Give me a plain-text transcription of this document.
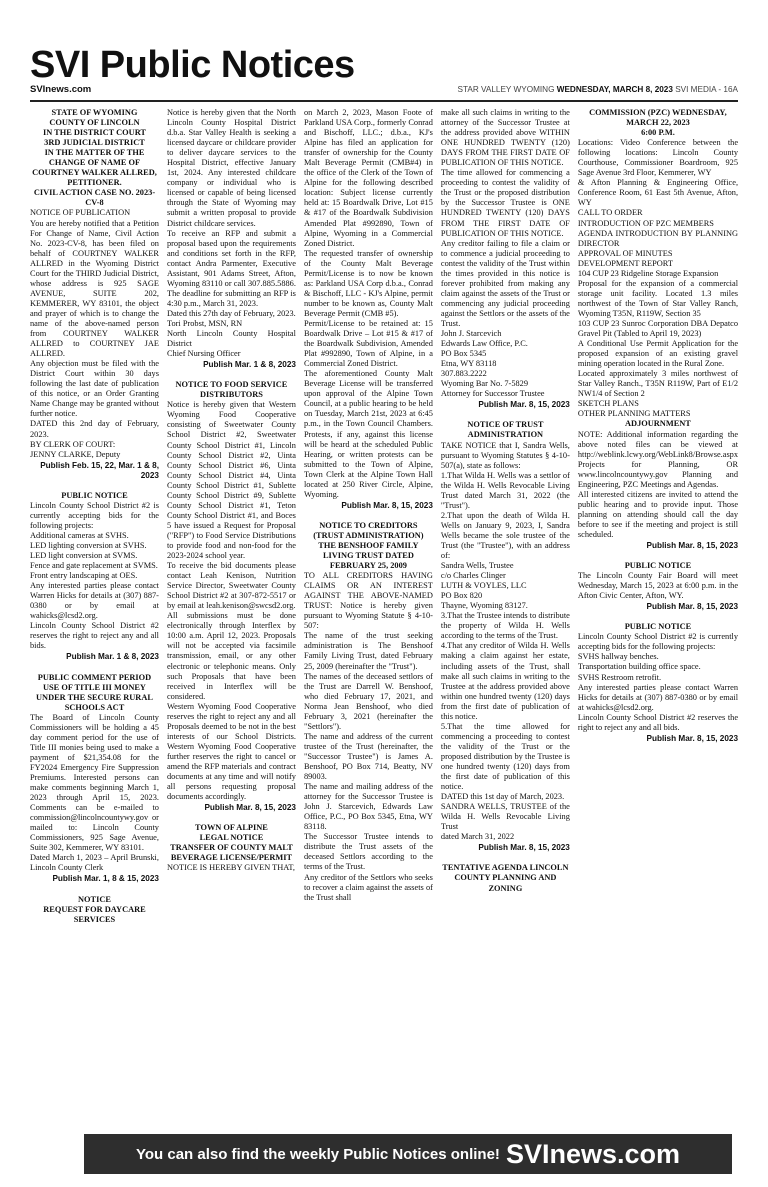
SVI Public Notices
SVInews.com	STAR VALLEY WYOMING WEDNESDAY, MARCH 8, 2023 SVI MEDIA - 16A

STATE OF WYOMING

COUNTY OF LINCOLN

IN THE DISTRICT COURT

3RD JUDICIAL DISTRICT

IN THE MATTER OF THE CHANGE OF NAME OF COURTNEY WALKER ALLRED, PETITIONER.

CIVIL ACTION CASE NO. 2023-CV-8

NOTICE OF PUBLICATION

You are hereby notified that a Petition For Change of Name, Civil Action No. 2023-CV-8, has been filed on behalf of COURTNEY WALKER ALLRED in the Wyoming District Court for the THIRD Judicial District, whose address is 925 SAGE AVENUE, SUITE 202, KEMMERER, WY 83101, the object and prayer of which is to change the name of the above-named person from COURTNEY WALKER ALLRED to COURTNEY JAE ALLRED.

Any objection must be filed with the District Court within 30 days following the last date of publication of this notice, or an Order Granting Name Change may be granted without further notice.

DATED this 2nd day of February, 2023.

BY CLERK OF COURT:

JENNY CLARKE, Deputy

Publish Feb. 15, 22, Mar. 1 & 8, 2023

PUBLIC NOTICE

Lincoln County School District #2 is currently accepting bids for the following projects:

Additional cameras at SVHS.

LED lighting conversion at SVHS.

LED light conversion at SVMS.

Fence and gate replacement at SVMS.

Front entry landscaping at OES.

Any interested parties please contact Warren Hicks for details at (307) 887-0380 or by email at wahicks@lcsd2.org.

Lincoln County School District #2 reserves the right to reject any and all bids.

Publish Mar. 1 & 8, 2023

PUBLIC COMMENT PERIOD USE OF TITLE III MONEY UNDER THE SECURE RURAL SCHOOLS ACT

The Board of Lincoln County Commissioners will be holding a 45 day comment period for the use of Title III monies being used to make a payment of $21,354.08 for the FY2024 Emergency Fire Suppression Premiums. Interested persons can make comments beginning March 1, 2023 through April 15, 2023. Comments can be e-mailed to commission@lincolncountywy.gov or mailed to: Lincoln County Commissioners, 925 Sage Avenue, Suite 302, Kemmerer, WY 83101.

Dated March 1, 2023 – April Brunski, Lincoln County Clerk

Publish Mar. 1, 8 & 15, 2023

NOTICE

REQUEST FOR DAYCARE SERVICES

Notice is hereby given that the North Lincoln County Hospital District d.b.a. Star Valley Health is seeking a licensed daycare or childcare provider to deliver daycare services to the Hospital District, effective January 1st, 2024. Any interested childcare company or individual who is licensed or capable of being licensed through the State of Wyoming may submit a written proposal to provide District childcare services.

To receive an RFP and submit a proposal based upon the requirements and conditions set forth in the RFP, contact Andra Parmenter, Executive Assistant, 901 Adams Street, Afton, Wyoming 83110 or call 307.885.5886. The deadline for submitting an RFP is 4:30 p.m., March 31, 2023.

Dated this 27th day of February, 2023.

Tori Probst, MSN, RN

North Lincoln County Hospital District

Chief Nursing Officer

Publish Mar. 1 & 8, 2023

NOTICE TO FOOD SERVICE DISTRIBUTORS

Notice is hereby given that Western Wyoming Food Cooperative consisting of Sweetwater County School District #2, Sweetwater County School District #1, Lincoln County School District #2, Uinta County School District #6, Uinta County School District #4, Uinta County School District #1, Sublette County School District #9, Sublette County School District #1, Teton County School District #1, and Boces 5 have issued a Request for Proposal ("RFP") to Food Service Distributions to provide food and non-food for the 2023-2024 school year.

To receive the bid documents please contact Leah Kenison, Nutrition Service Director, Sweetwater County School District #2 at 307-872-5517 or by email at leah.kenison@swcsd2.org.

All submissions must be done electronically through Interflex by 10:00 a.m. April 12, 2023. Proposals will not be accepted via facsimile transmission, email, or any other electronic or telephonic means. Only such Proposals that have been received in Interflex will be considered.

Western Wyoming Food Cooperative reserves the right to reject any and all Proposals deemed to be not in the best interests of our School Districts. Western Wyoming Food Cooperative further reserves the right to cancel or amend the RFP materials and contract documents at any time and will notify all persons requesting proposal documents accordingly.

Publish Mar. 8, 15, 2023

TOWN OF ALPINE

LEGAL NOTICE

TRANSFER OF COUNTY MALT BEVERAGE LICENSE/PERMIT

NOTICE IS HEREBY GIVEN THAT,

on March 2, 2023, Mason Foote of Parkland USA Corp., formerly Conrad and Bischoff, LLC.; d.b.a., KJ's Alpine has filed an application for transfer of ownership for the County Malt Beverage Permit (CMB#4) in the office of the Clerk of the Town of Alpine for the following described location: Subject license currently held at: 15 Boardwalk Drive, Lot #15 & #17 of the Boardwalk Subdivision Amended Plat #992890, Town of Alpine, Wyoming in a Commercial Zoned District.

The requested transfer of ownership of the County Malt Beverage Permit/License is to now be known as: Parkland USA Corp d.b.a., Conrad & Bischoff, LLC - KJ's Alpine, permit number to be known as, County Malt Beverage Permit (CMB #5).

Permit/License to be retained at: 15 Boardwalk Drive – Lot #15 & #17 of the Boardwalk Subdivision, Amended Plat #992890, Town of Alpine, in a Commercial Zoned District.

The aforementioned County Malt Beverage License will be transferred upon approval of the Alpine Town Council, at a public hearing to be held on Tuesday, March 21st, 2023 at 6:45 p.m., in the Town Council Chambers. Protests, if any, against this license will be heard at the scheduled Public Hearing, or written protests can be submitted to the Town of Alpine, Town Clerk at the Alpine Town Hall located at 250 River Circle, Alpine, Wyoming.

Publish Mar. 8, 15, 2023

NOTICE TO CREDITORS (TRUST ADMINISTRATION) THE BENSHOOF FAMILY LIVING TRUST DATED FEBRUARY 25, 2009

TO ALL CREDITORS HAVING CLAIMS OR AN INTEREST AGAINST THE ABOVE-NAMED TRUST: Notice is hereby given pursuant to Wyoming Statute § 4-10-507:

The name of the trust seeking administration is The Benshoof Family Living Trust, dated February 25, 2009 (hereinafter the "Trust").

The names of the deceased settlors of the Trust are Darrell W. Benshoof, who died February 17, 2021, and Norma Jean Benshoof, who died February 3, 2021 (hereinafter the "Settlors").

The name and address of the current trustee of the Trust (hereinafter, the "Successor Trustee") is James A. Benshoof, PO Box 714, Beatty, NV 89003.

The name and mailing address of the attorney for the Successor Trustee is John J. Starcevich, Edwards Law Office, P.C., PO Box 5345, Etna, WY 83118.

The Successor Trustee intends to distribute the Trust assets of the deceased Settlors according to the terms of the Trust.

Any creditor of the Settlors who seeks to recover a claim against the assets of the Trust shall

make all such claims in writing to the attorney of the Successor Trustee at the address provided above WITHIN ONE HUNDRED TWENTY (120) DAYS FROM THE FIRST DATE OF PUBLICATION OF THIS NOTICE.

The time allowed for commencing a proceeding to contest the validity of the Trust or the proposed distribution by the Successor Trustee is ONE HUNDRED TWENTY (120) DAYS FROM THE FIRST DATE OF PUBLICATION OF THIS NOTICE.

Any creditor failing to file a claim or to commence a judicial proceeding to contest the validity of the Trust within the times provided in this notice is forever prohibited from making any claim against the assets of the Trust or commencing any judicial proceeding against the Settlors or the assets of the Trust.

John J. Starcevich

Edwards Law Office, P.C.

PO Box 5345

Etna, WY 83118

307.883.2222

Wyoming Bar No. 7-5829

Attorney for Successor Trustee

Publish Mar. 8, 15, 2023

NOTICE OF TRUST ADMINISTRATION

TAKE NOTICE that I, Sandra Wells, pursuant to Wyoming Statutes § 4-10-507(a), state as follows:

1.That Wilda H. Wells was a settlor of the Wilda H. Wells Revocable Living Trust dated March 31, 2022 (the "Trust").

2.That upon the death of Wilda H. Wells on January 9, 2023, I, Sandra Wells became the sole trustee of the Trust (the "Trustee"), with an address of:

Sandra Wells, Trustee

c/o Charles Clinger

LUTH & VOYLES, LLC

PO Box 820

Thayne, Wyoming 83127.

3.That the Trustee intends to distribute the property of Wilda H. Wells according to the terms of the Trust.

4.That any creditor of Wilda H. Wells making a claim against her estate, including assets of the Trust, shall make all such claims in writing to the Trustee at the address provided above within one hundred twenty (120) days from the first date of publication of this notice.

5.That the time allowed for commencing a proceeding to contest the validity of the Trust or the proposed distribution by the Trustee is one hundred twenty (120) days from the first date of publication of this notice.

DATED this 1st day of March, 2023.

SANDRA WELLS, TRUSTEE of the Wilda H. Wells Revocable Living Trust

dated March 31, 2022

Publish Mar. 8, 15, 2023

TENTATIVE AGENDA LINCOLN COUNTY PLANNING AND ZONING

COMMISSION (PZC) WEDNESDAY, MARCH 22, 2023

6:00 P.M.

Locations: Video Conference between the following locations: Lincoln County Courthouse, Commissioner Boardroom, 925 Sage Avenue 3rd Floor, Kemmerer, WY

& Afton Planning & Engineering Office, Conference Room, 61 East 5th Avenue, Afton, WY

CALL TO ORDER

INTRODUCTION OF PZC MEMBERS

AGENDA INTRODUCTION BY PLANNING DIRECTOR

APPROVAL OF MINUTES

DEVELOPMENT REPORT

104 CUP 23 Ridgeline Storage Expansion

Proposal for the expansion of a commercial storage unit facility. Located 1.3 miles northwest of the Town of Star Valley Ranch, Wyoming T35N, R119W, Section 35

103 CUP 23 Sunroc Corporation DBA Depatco Gravel Pit (Tabled to April 19, 2023)

A Conditional Use Permit Application for the proposed expansion of an existing gravel mining operation located in the Rural Zone.

Located approximately 3 miles northwest of Star Valley Ranch., T35N R119W, Part of E1/2 NW1/4 of Section 2

SKETCH PLANS

OTHER PLANNING MATTERS

ADJOURNMENT

NOTE: Additional information regarding the above noted files can be viewed at http://weblink.lcwy.org/WebLink8/Browse.aspx Projects for Planning, OR www.lincolncountywy.gov Planning and Engineering, PZC Meetings and Agendas.

All interested citizens are invited to attend the public hearing and to provide input. Those planning on attending should call the day before to see if the meeting and project is still scheduled.

Publish Mar. 8, 15, 2023

PUBLIC NOTICE

The Lincoln County Fair Board will meet Wednesday, March 15, 2023 at 6:00 p.m. in the Afton Civic Center, Afton, WY.

Publish Mar. 8, 15, 2023

PUBLIC NOTICE

Lincoln County School District #2 is currently accepting bids for the following projects:

SVHS hallway benches.

Transportation building office space.

SVHS Restroom retrofit.

Any interested parties please contact Warren Hicks for details at (307) 887-0380 or by email at wahicks@lcsd2.org.

Lincoln County School District #2 reserves the right to reject any and all bids.

Publish Mar. 8, 15, 2023

You can also find the weekly Public Notices online! SVInews.com
